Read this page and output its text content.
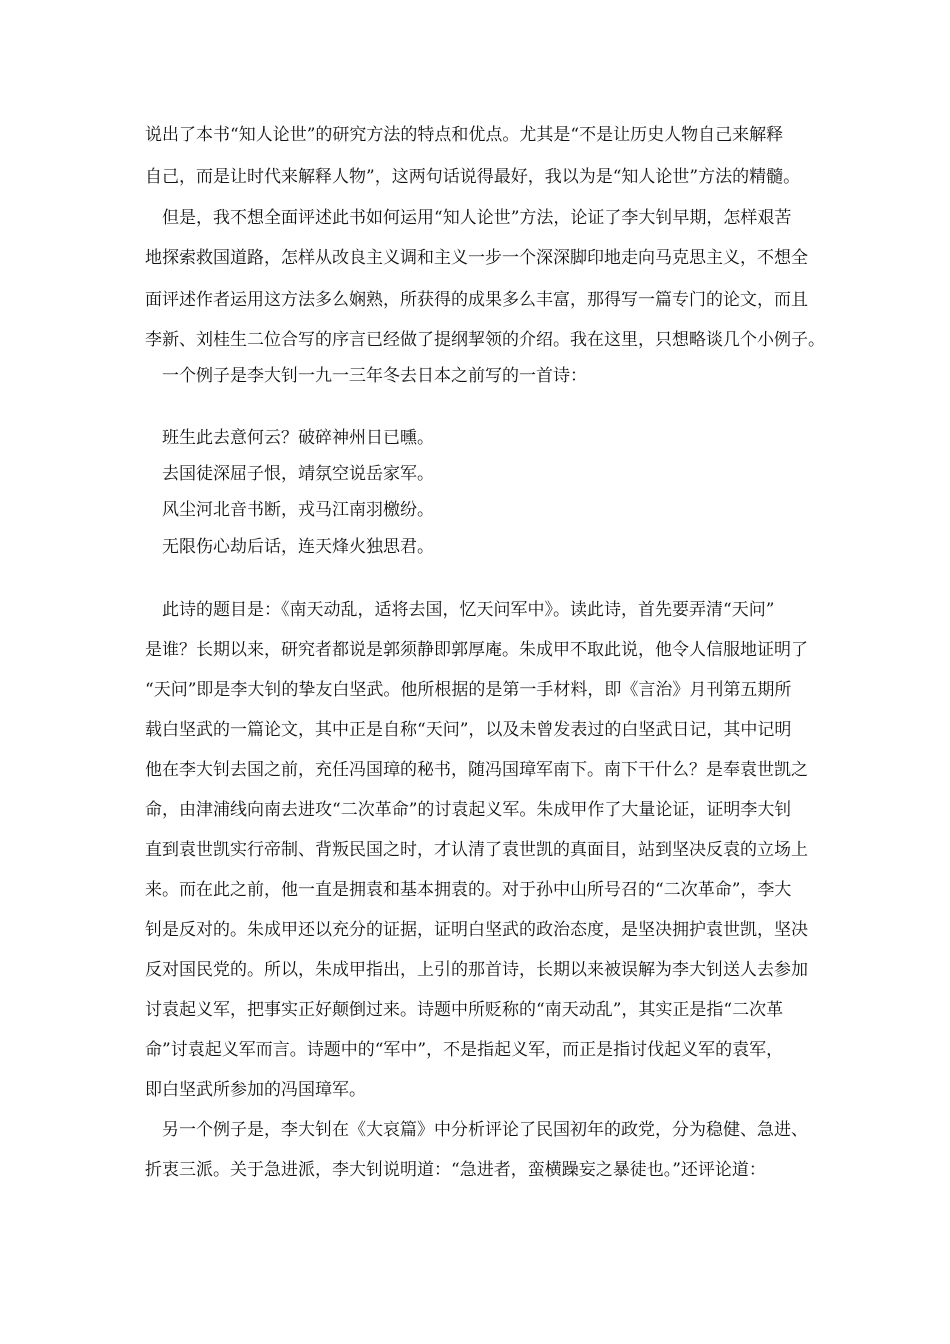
说出了本书“知人论世”的研究方法的特点和优点。尤其是“不是让历史人物自己来解释
自己，而是让时代来解释人物”，这两句话说得最好，我以为是“知人论世”方法的精髓。
但是，我不想全面评述此书如何运用“知人论世”方法，论证了李大钊早期，怎样艰苦
地探索救国道路，怎样从改良主义调和主义一步一个深深脚印地走向马克思主义，不想全
面评述作者运用这方法多么娴熟，所获得的成果多么丰富，那得写一篇专门的论文，而且
李新、刘桂生二位合写的序言已经做了提纲挈领的介绍。我在这里，只想略谈几个小例子。
一个例子是李大钊一九一三年冬去日本之前写的一首诗：
班生此去意何云？破碎神州日已曛。
去国徒深屈子恨，靖氛空说岳家军。
风尘河北音书断，戎马江南羽檄纷。
无限伤心劫后话，连天烽火独思君。
此诗的题目是：《南天动乱，适将去国，忆天问军中》。读此诗，首先要弄清“天问”
是谁？长期以来，研究者都说是郭须静即郭厚庵。朱成甲不取此说，他令人信服地证明了
“天问”即是李大钊的挚友白坚武。他所根据的是第一手材料，即《言治》月刊第五期所
载白坚武的一篇论文，其中正是自称“天问”，以及未曾发表过的白坚武日记，其中记明
他在李大钊去国之前，充任冯国璋的秘书，随冯国璋军南下。南下干什么？是奉袁世凯之
命，由津浦线向南去进攻“二次革命”的讨袁起义军。朱成甲作了大量论证，证明李大钊
直到袁世凯实行帝制、背叛民国之时，才认清了袁世凯的真面目，站到坚决反袁的立场上
来。而在此之前，他一直是拥袁和基本拥袁的。对于孙中山所号召的“二次革命”，李大
钊是反对的。朱成甲还以充分的证据，证明白坚武的政治态度，是坚决拥护袁世凯，坚决
反对国民党的。所以，朱成甲指出，上引的那首诗，长期以来被误解为李大钊送人去参加
讨袁起义军，把事实正好颠倒过来。诗题中所贬称的“南天动乱”，其实正是指“二次革
命”讨袁起义军而言。诗题中的“军中”，不是指起义军，而正是指讨伐起义军的袁军，
即白坚武所参加的冯国璋军。
另一个例子是，李大钊在《大哀篇》中分析评论了民国初年的政党，分为稳健、急进、
折衷三派。关于急进派，李大钊说明道：“急进者，蛮横躁妄之暴徒也。”还评论道：
